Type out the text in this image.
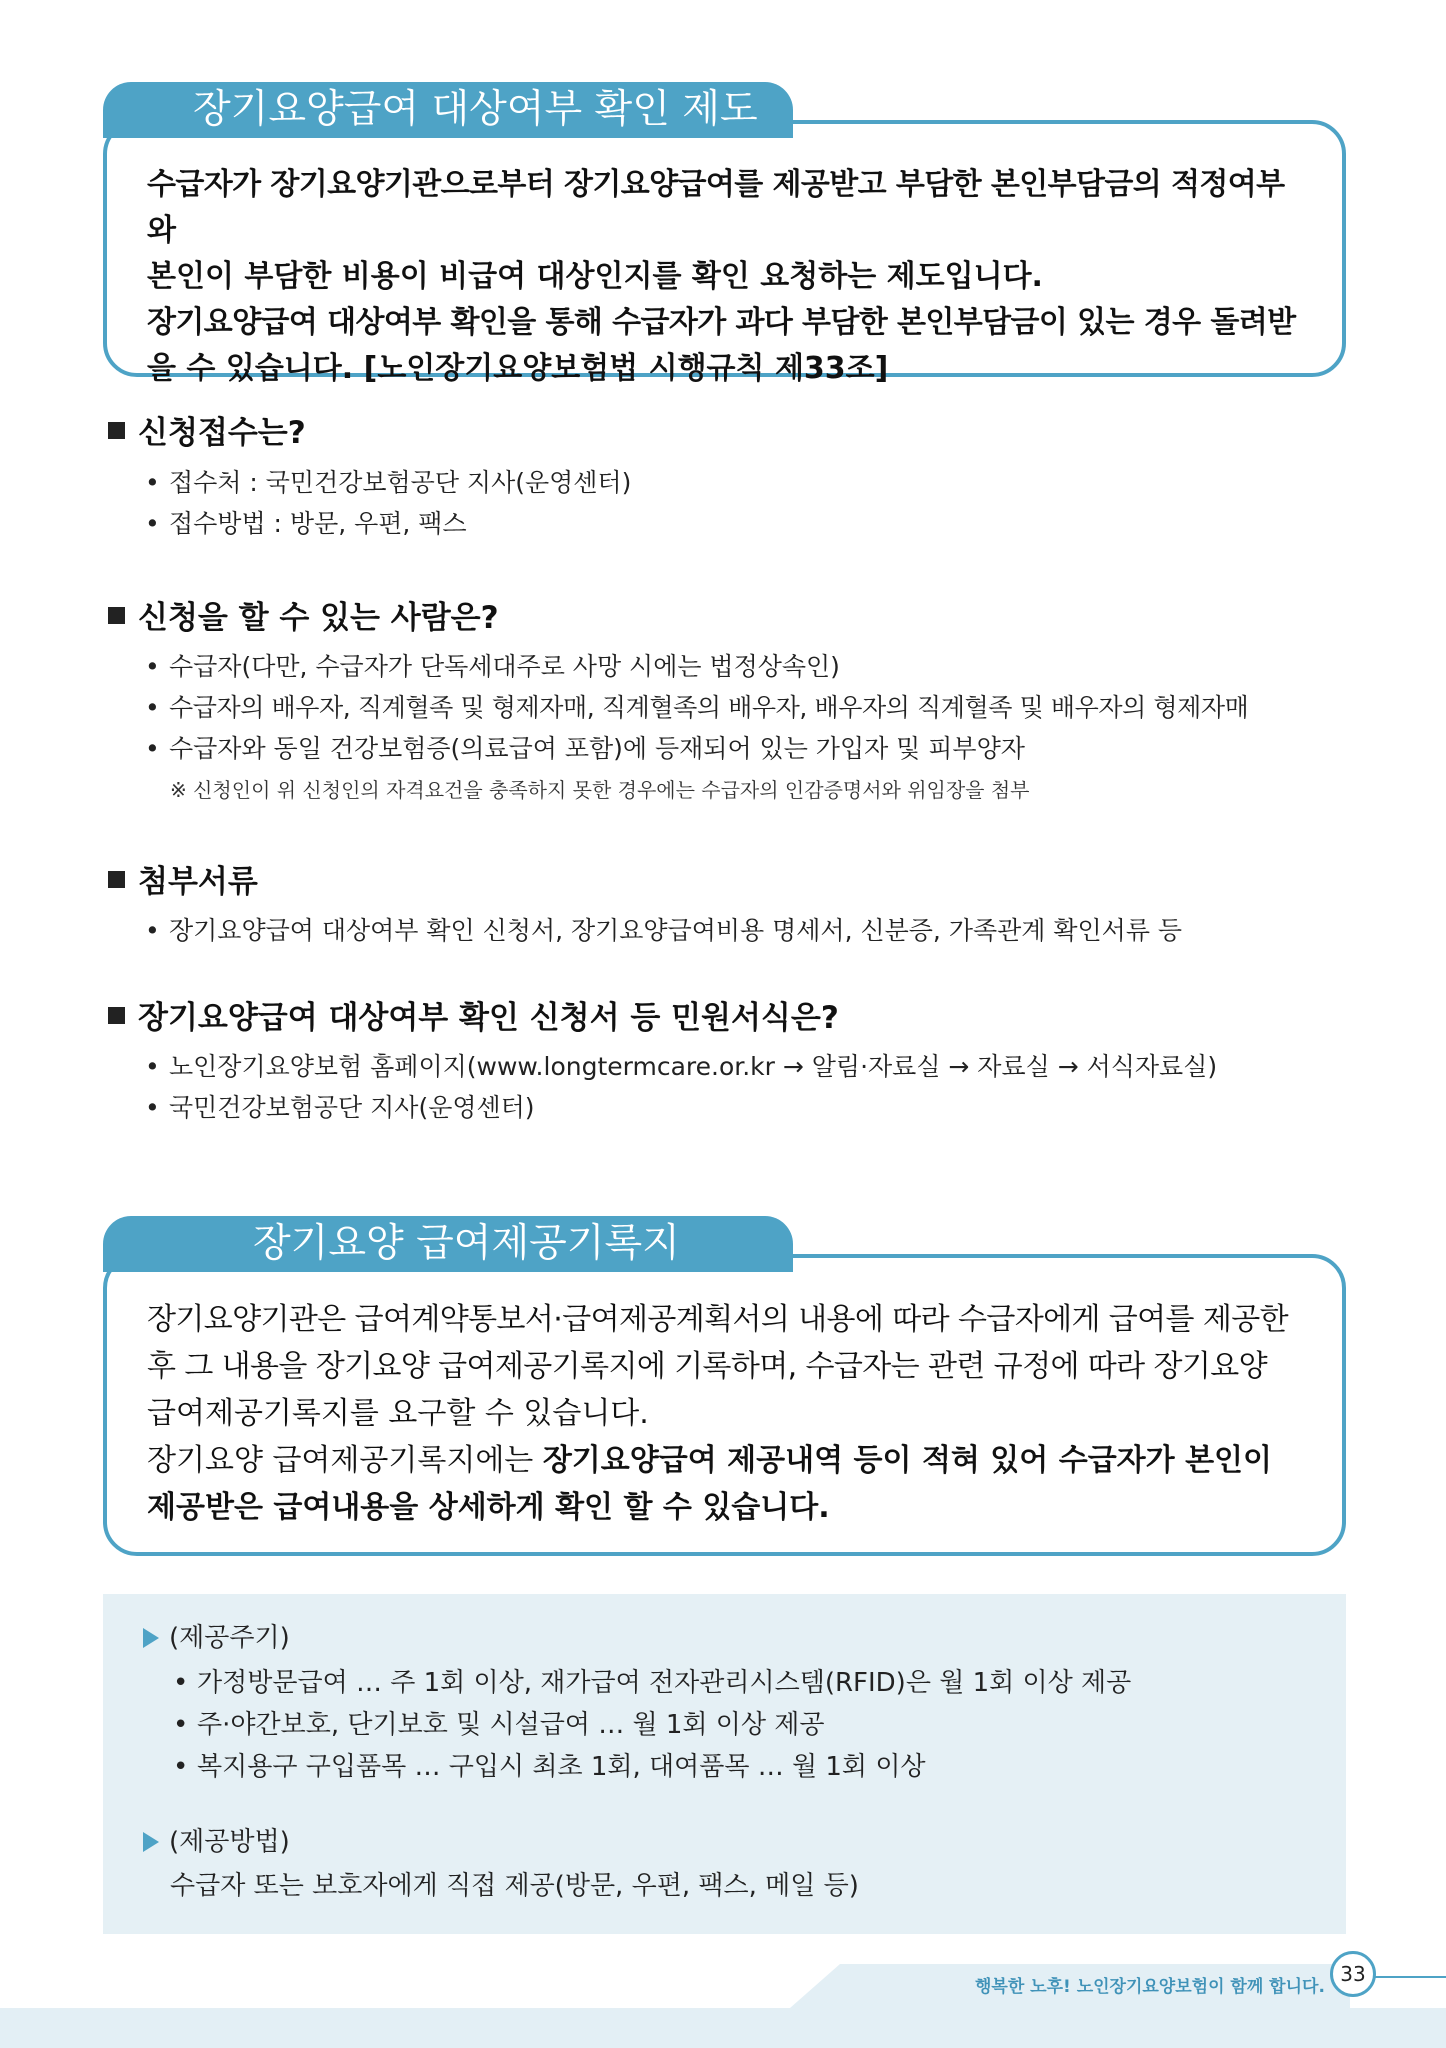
수급자가 장기요양기관으로부터 장기요양급여를 제공받고 부담한 본인부담금의 적정여부와
본인이 부담한 비용이 비급여 대상인지를 확인 요청하는 제도입니다.
장기요양급여 대상여부 확인을 통해 수급자가 과다 부담한 본인부담금이 있는 경우 돌려받
을 수 있습니다. [노인장기요양보험법 시행규칙 제33조]
장기요양급여 대상여부 확인 제도
신청접수는?
• 접수처 : 국민건강보험공단 지사(운영센터)
• 접수방법 : 방문, 우편, 팩스
신청을 할 수 있는 사람은?
• 수급자(다만, 수급자가 단독세대주로 사망 시에는 법정상속인)
• 수급자의 배우자, 직계혈족 및 형제자매, 직계혈족의 배우자, 배우자의 직계혈족 및 배우자의 형제자매
• 수급자와 동일 건강보험증(의료급여 포함)에 등재되어 있는 가입자 및 피부양자
※ 신청인이 위 신청인의 자격요건을 충족하지 못한 경우에는 수급자의 인감증명서와 위임장을 첨부
첨부서류
• 장기요양급여 대상여부 확인 신청서, 장기요양급여비용 명세서, 신분증, 가족관계 확인서류 등
장기요양급여 대상여부 확인 신청서 등 민원서식은?
• 노인장기요양보험 홈페이지(www.longtermcare.or.kr → 알림·자료실 → 자료실 → 서식자료실)
• 국민건강보험공단 지사(운영센터)
장기요양기관은 급여계약통보서·급여제공계획서의 내용에 따라 수급자에게 급여를 제공한
후 그 내용을 장기요양 급여제공기록지에 기록하며, 수급자는 관련 규정에 따라 장기요양
급여제공기록지를 요구할 수 있습니다.
장기요양 급여제공기록지에는 장기요양급여 제공내역 등이 적혀 있어 수급자가 본인이
제공받은 급여내용을 상세하게 확인 할 수 있습니다.
장기요양 급여제공기록지
(제공주기)
• 가정방문급여 … 주 1회 이상, 재가급여 전자관리시스템(RFID)은 월 1회 이상 제공
• 주·야간보호, 단기보호 및 시설급여 … 월 1회 이상 제공
• 복지용구 구입품목 … 구입시 최초 1회, 대여품목 … 월 1회 이상
(제공방법)
수급자 또는 보호자에게 직접 제공(방문, 우편, 팩스, 메일 등)
행복한 노후! 노인장기요양보험이 함께 합니다.
33
